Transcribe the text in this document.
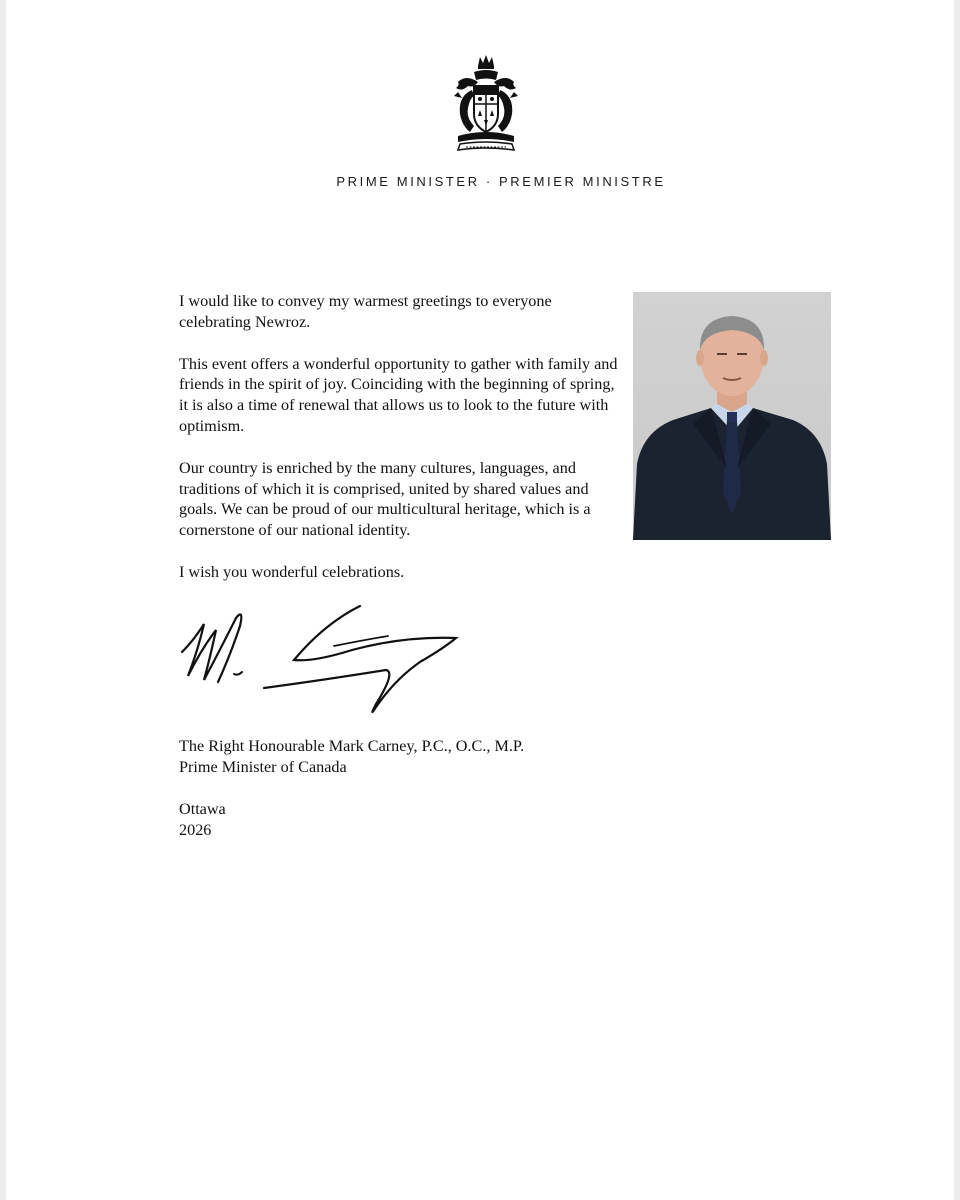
PRIME MINISTER · PREMIER MINISTRE

I would like to convey my warmest greetings to everyone celebrating Newroz.

This event offers a wonderful opportunity to gather with family and friends in the spirit of joy. Coinciding with the beginning of spring, it is also a time of renewal that allows us to look to the future with optimism.

Our country is enriched by the many cultures, languages, and traditions of which it is comprised, united by shared values and goals. We can be proud of our multicultural heritage, which is a cornerstone of our national identity.

I wish you wonderful celebrations.

The Right Honourable Mark Carney, P.C., O.C., M.P.
Prime Minister of Canada
Ottawa
2026
